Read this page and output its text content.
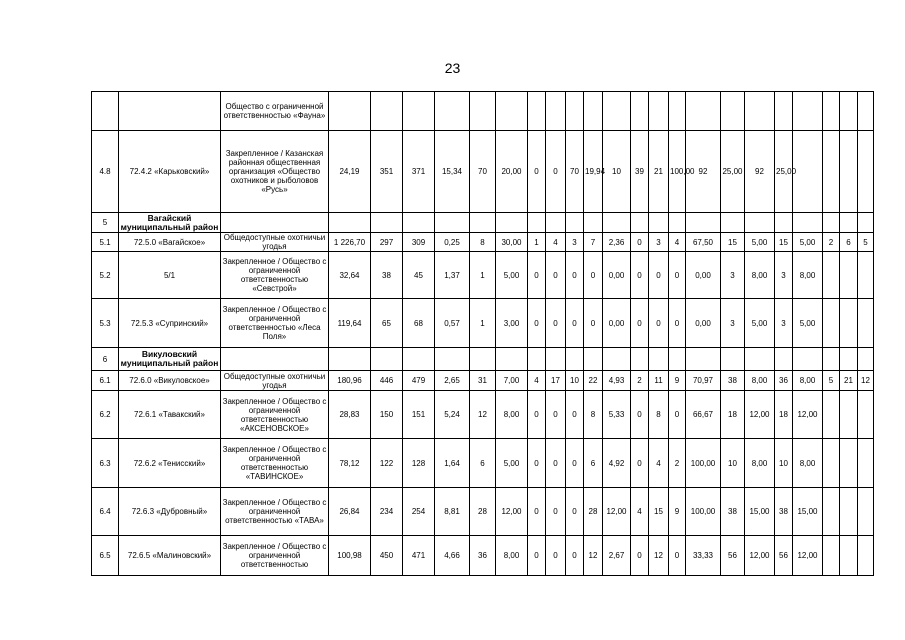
23
		Общество с ограниченной ответственностью «Фауна»																						
4.8	72.4.2 «Карьковский»	Закрепленное / Казанская районная общественная организация «Общество охотников и рыболовов «Русь»	24,19	351	371	15,34	70	20,00	0	0	70	19,94	10	39	21	100,00	92	25,00	92	25,00				
5	Вагайский муниципальный район																							
5.1	72.5.0 «Вагайское»	Общедоступные охотничьи угодья	1 226,70	297	309	0,25	8	30,00	1	4	3	7	2,36	0	3	4	67,50	15	5,00	15	5,00	2	6	5
5.2	5/1	Закрепленное / Общество с ограниченной ответственностью «Севстрой»	32,64	38	45	1,37	1	5,00	0	0	0	0	0,00	0	0	0	0,00	3	8,00	3	8,00			
5.3	72.5.3 «Супринский»	Закрепленное / Общество с ограниченной ответственностью «Леса Поля»	119,64	65	68	0,57	1	3,00	0	0	0	0	0,00	0	0	0	0,00	3	5,00	3	5,00			
6	Викуловский муниципальный район																							
6.1	72.6.0 «Викуловское»	Общедоступные охотничьи угодья	180,96	446	479	2,65	31	7,00	4	17	10	22	4,93	2	11	9	70,97	38	8,00	36	8,00	5	21	12
6.2	72.6.1 «Тавакский»	Закрепленное / Общество с ограниченной ответственностью «АКСЕНОВСКОЕ»	28,83	150	151	5,24	12	8,00	0	0	0	8	5,33	0	8	0	66,67	18	12,00	18	12,00			
6.3	72.6.2 «Тенисский»	Закрепленное / Общество с ограниченной ответственностью «ТАВИНСКОЕ»	78,12	122	128	1,64	6	5,00	0	0	0	6	4,92	0	4	2	100,00	10	8,00	10	8,00			
6.4	72.6.3 «Дубровный»	Закрепленное / Общество с ограниченной ответственностью «ТАВА»	26,84	234	254	8,81	28	12,00	0	0	0	28	12,00	4	15	9	100,00	38	15,00	38	15,00			
6.5	72.6.5 «Малиновский»	Закрепленное / Общество с ограниченной ответственностью	100,98	450	471	4,66	36	8,00	0	0	0	12	2,67	0	12	0	33,33	56	12,00	56	12,00			
